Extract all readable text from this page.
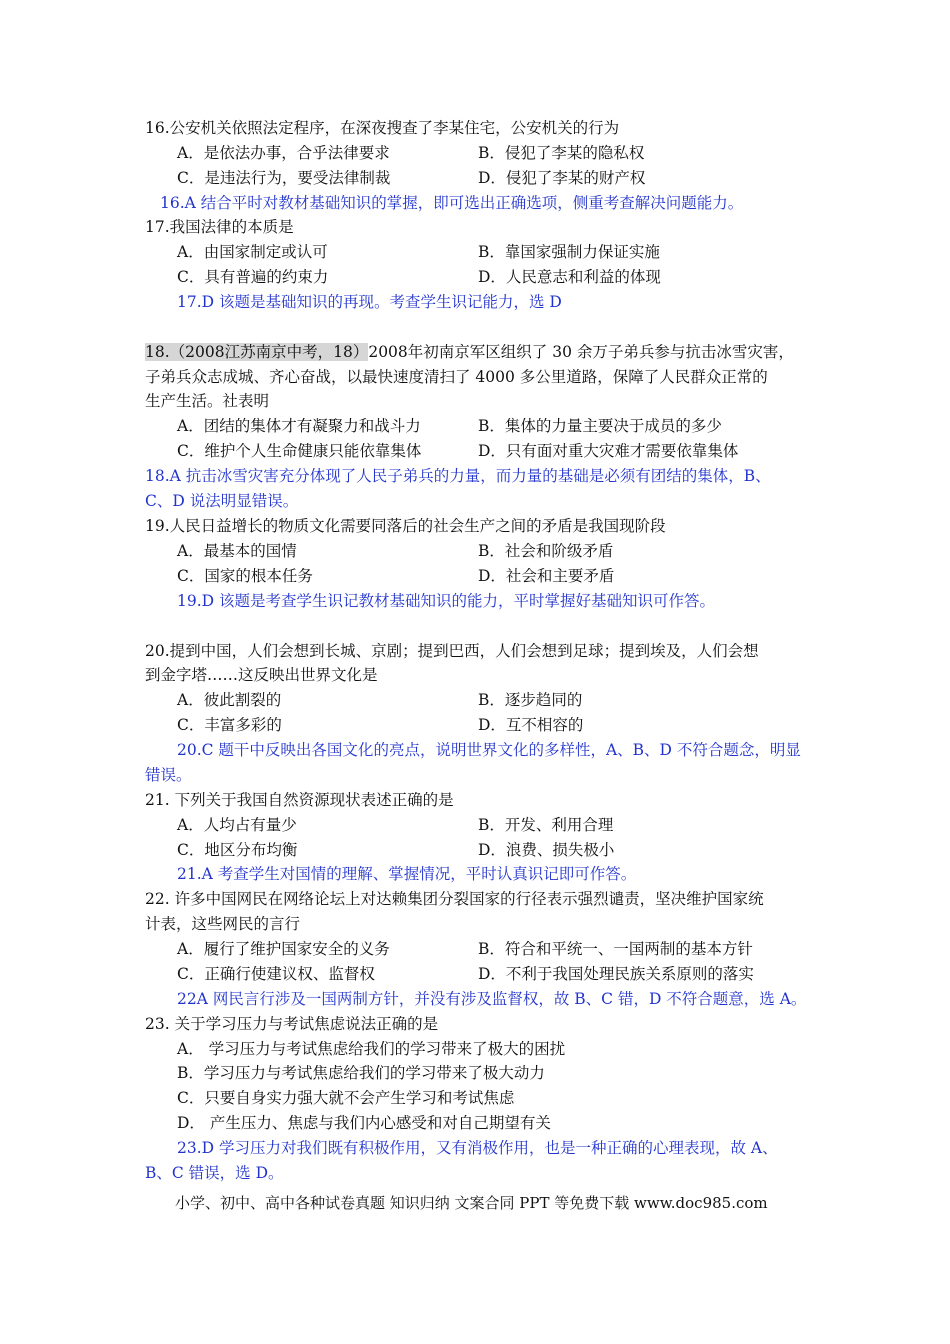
16.公安机关依照法定程序，在深夜搜查了李某住宅，公安机关的行为
A．是依法办事，合乎法律要求	B．侵犯了李某的隐私权
C．是违法行为，要受法律制裁	D．侵犯了李某的财产权
16.A 结合平时对教材基础知识的掌握，即可选出正确选项，侧重考查解决问题能力。
17.我国法律的本质是
A．由国家制定或认可	B．靠国家强制力保证实施
C．具有普遍的约束力	D．人民意志和利益的体现
17.D 该题是基础知识的再现。考查学生识记能力，选 D
18.（2008江苏南京中考，18）2008年初南京军区组织了 30 余万子弟兵参与抗击冰雪灾害，
子弟兵众志成城、齐心奋战，以最快速度清扫了 4000 多公里道路，保障了人民群众正常的
生产生活。社表明
A．团结的集体才有凝聚力和战斗力	B．集体的力量主要决于成员的多少
C．维护个人生命健康只能依靠集体	D．只有面对重大灾难才需要依靠集体
18.A 抗击冰雪灾害充分体现了人民子弟兵的力量，而力量的基础是必须有团结的集体，B、
C、D 说法明显错误。
19.人民日益增长的物质文化需要同落后的社会生产之间的矛盾是我国现阶段
A．最基本的国情	B．社会和阶级矛盾
C．国家的根本任务	D．社会和主要矛盾
19.D 该题是考查学生识记教材基础知识的能力，平时掌握好基础知识可作答。
20.提到中国，人们会想到长城、京剧；提到巴西，人们会想到足球；提到埃及，人们会想
到金字塔……这反映出世界文化是
A．彼此割裂的	B．逐步趋同的
C．丰富多彩的	D．互不相容的
20.C 题干中反映出各国文化的亮点，说明世界文化的多样性，A、B、D 不符合题念，明显
错误。
21. 下列关于我国自然资源现状表述正确的是
A．人均占有量少	B．开发、利用合理
C．地区分布均衡	D．浪费、损失极小
21.A 考查学生对国情的理解、掌握情况，平时认真识记即可作答。
22. 许多中国网民在网络论坛上对达赖集团分裂国家的行径表示强烈谴责，坚决维护国家统
计表，这些网民的言行
A．履行了维护国家安全的义务	B．符合和平统一、一国两制的基本方针
C．正确行使建议权、监督权	D．不利于我国处理民族关系原则的落实
22A 网民言行涉及一国两制方针，并没有涉及监督权，故 B、C 错，D 不符合题意，选 A。
23. 关于学习压力与考试焦虑说法正确的是
A． 学习压力与考试焦虑给我们的学习带来了极大的困扰
B．学习压力与考试焦虑给我们的学习带来了极大动力
C．只要自身实力强大就不会产生学习和考试焦虑
D． 产生压力、焦虑与我们内心感受和对自己期望有关
23.D 学习压力对我们既有积极作用，又有消极作用，也是一种正确的心理表现，故 A、
B、C 错误，选 D。
小学、初中、高中各种试卷真题 知识归纳 文案合同 PPT 等免费下载 www.doc985.com
